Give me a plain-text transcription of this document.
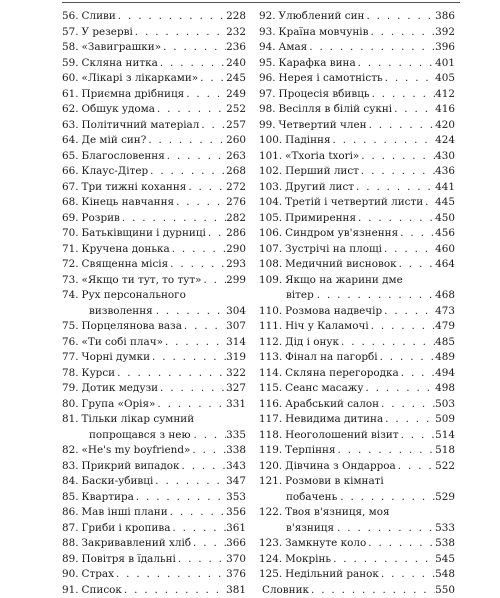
56. Сливи . . .	228
57. У резерві . . .	232
58. «Завиграшки» . . .	236
59. Скляна нитка . . .	240
60. «Лікарі з лікарками» . . .	245
61. Приємна дрібниця . . .	249
62. Обшук удома . . .	252
63. Політичний матеріал . . .	257
64. Де мій син? . . .	260
65. Благословення . . .	263
66. Клаус-Дітер . . .	268
67. Три тижні кохання . . .	272
68. Кінець навчання . . .	276
69. Розрив . . .	282
70. Батьківщини і дурниці . . . 286
71. Кручена донька . . .	290
72. Священна місія . . .	293
73. «Якщо ти тут, то тут» . . . 299
74. Рух персонального
визволення . . .	304
75. Порцелянова ваза . . .	307
76. «Ти собі плач» . . .	314
77. Чорні думки . . .	319
78. Курси . . .	322
79. Дотик медузи . . .	327
80. Група «Орія» . . .	331
81. Тільки лікар сумний
попрощався з нею . . .	335
82. «He's my boyfriend» . . .	338
83. Прикрий випадок . . .	343
84. Баски-убивці . . .	347
85. Квартира . . .	353
86. Мав інші плани . . .	356
87. Гриби і кропива . . .	361
88. Закривавлений хліб . . .	366
89. Повітря в їдальні . . .	370
90. Страх . . .	376
91. Список . . .	381
92. Улюблений син . . .	386
93. Країна мовчунів . . .	392
94. Амая . . .	396
95. Карафка вина . . .	401
96. Нерея і самотність . . .	405
97. Процесія вбивць . . .	412
98. Весілля в білій сукні . . .	416
99. Четвертий член . . .	420
100. Падіння . . .	424
101. «Txoria txori» . . .	430
102. Перший лист . . .	436
103. Другий лист . . .	441
104. Третій і четвертий листи . . . 445
105. Примирення . . .	450
106. Синдром ув'язнення . . .	456
107. Зустрічі на площі . . .	460
108. Медичний висновок . . .	464
109. Якщо на жарини дме
вітер . . .	468
110. Розмова надвечір . . .	473
111. Ніч у Каламочі . . .	479
112. Дід і онук . . .	485
113. Фінал на пагорбі . . .	489
114. Скляна перегородка . . .	494
115. Сеанс масажу . . .	498
116. Арабський салон . . .	503
117. Невидима дитина . . .	509
118. Неоголошений візит . . .	514
119. Терпіння . . .	518
120. Дівчина з Ондарроа . . .	522
121. Розмови в кімнаті
побачень . . .	529
122. Твоя в'язниця, моя
в'язниця . . .	533
123. Замкнуте коло . . .	538
124. Мокрінь . . .	545
125. Недільний ранок . . .	548
Словник . . .	550
